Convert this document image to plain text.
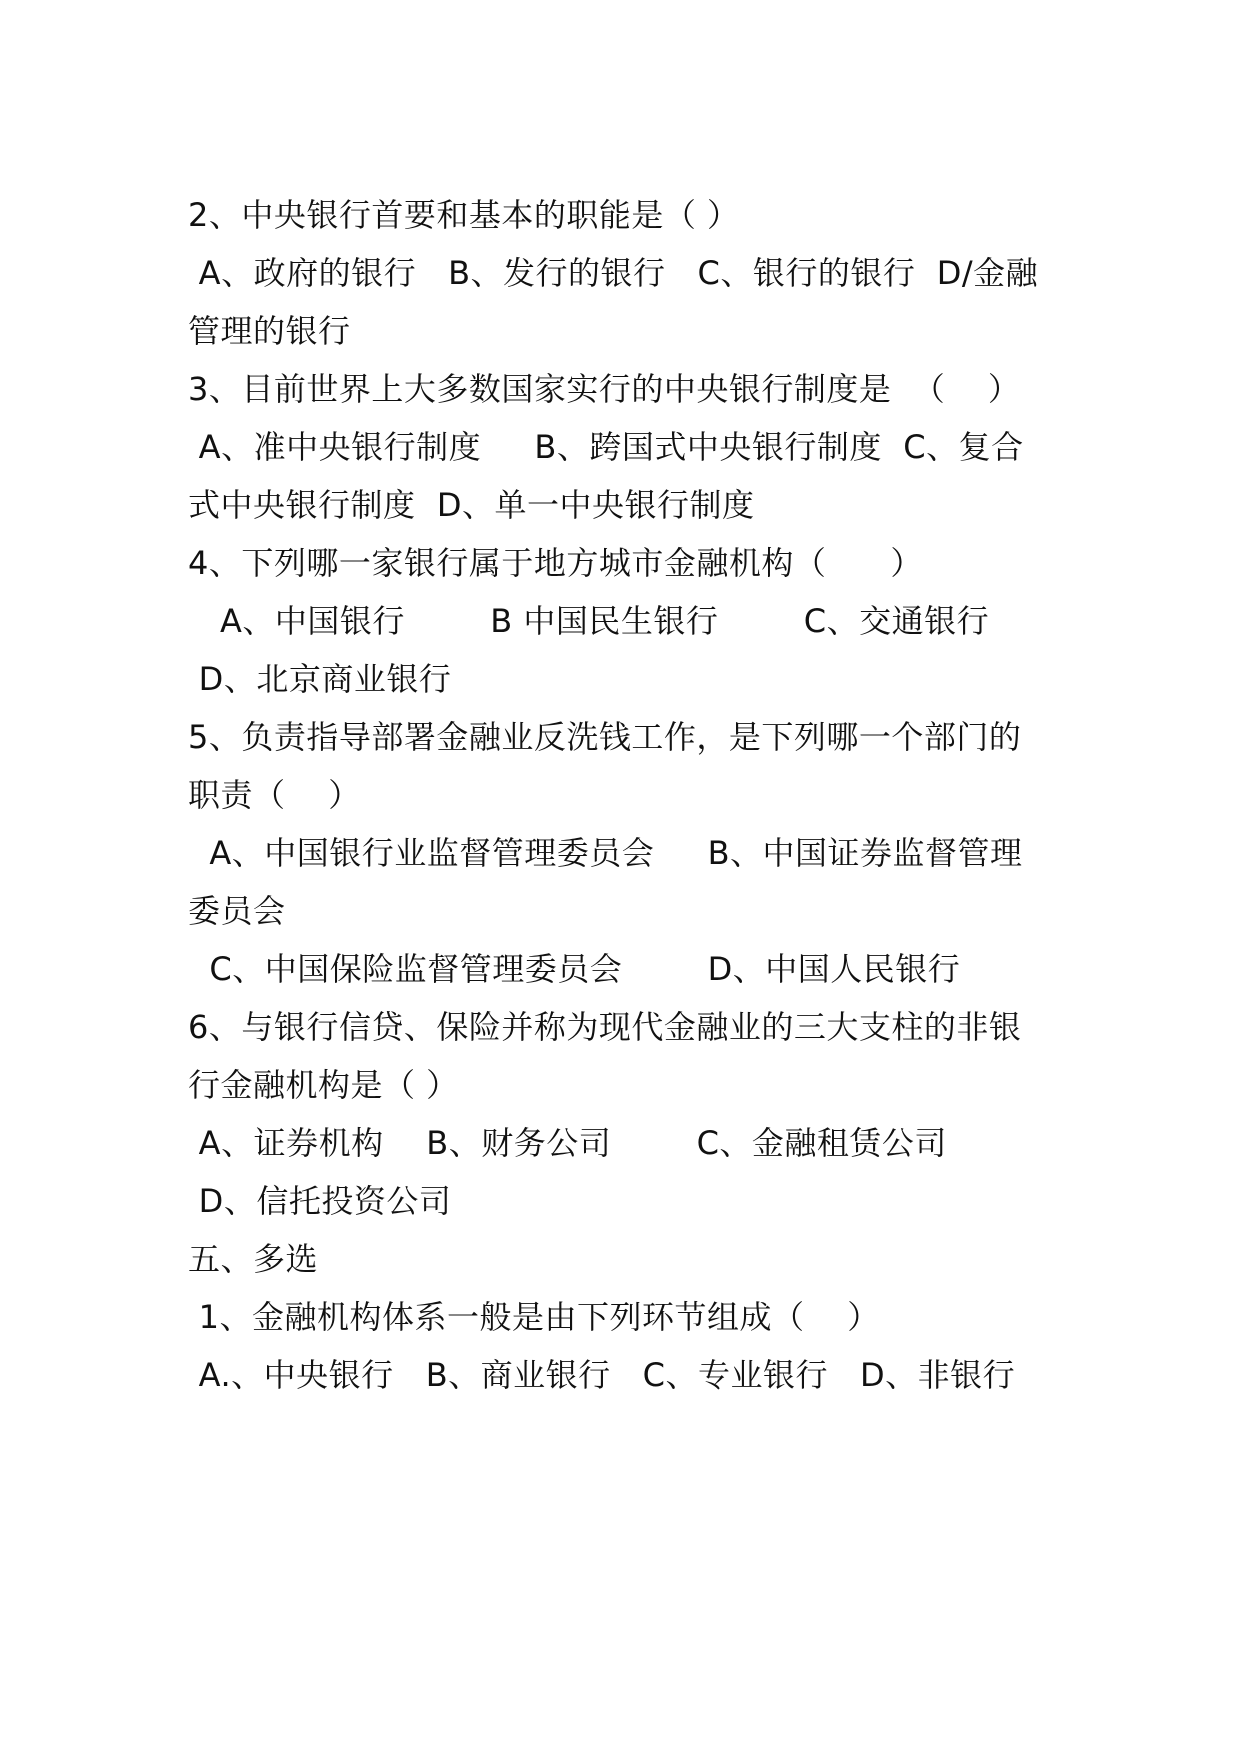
2、中央银行首要和基本的职能是（ ）
A、政府的银行   B、发行的银行   C、银行的银行  D/金融
管理的银行
3、目前世界上大多数国家实行的中央银行制度是  （    ）
A、准中央银行制度     B、跨国式中央银行制度  C、复合
式中央银行制度  D、单一中央银行制度
4、下列哪一家银行属于地方城市金融机构（      ）
A、中国银行        B 中国民生银行        C、交通银行
D、北京商业银行
5、负责指导部署金融业反洗钱工作，是下列哪一个部门的
职责（    ）
A、中国银行业监督管理委员会     B、中国证券监督管理
委员会
C、中国保险监督管理委员会        D、中国人民银行
6、与银行信贷、保险并称为现代金融业的三大支柱的非银
行金融机构是（ ）
A、证券机构    B、财务公司        C、金融租赁公司
D、信托投资公司
五、多选
1、金融机构体系一般是由下列环节组成（    ）
A.、中央银行   B、商业银行   C、专业银行   D、非银行
